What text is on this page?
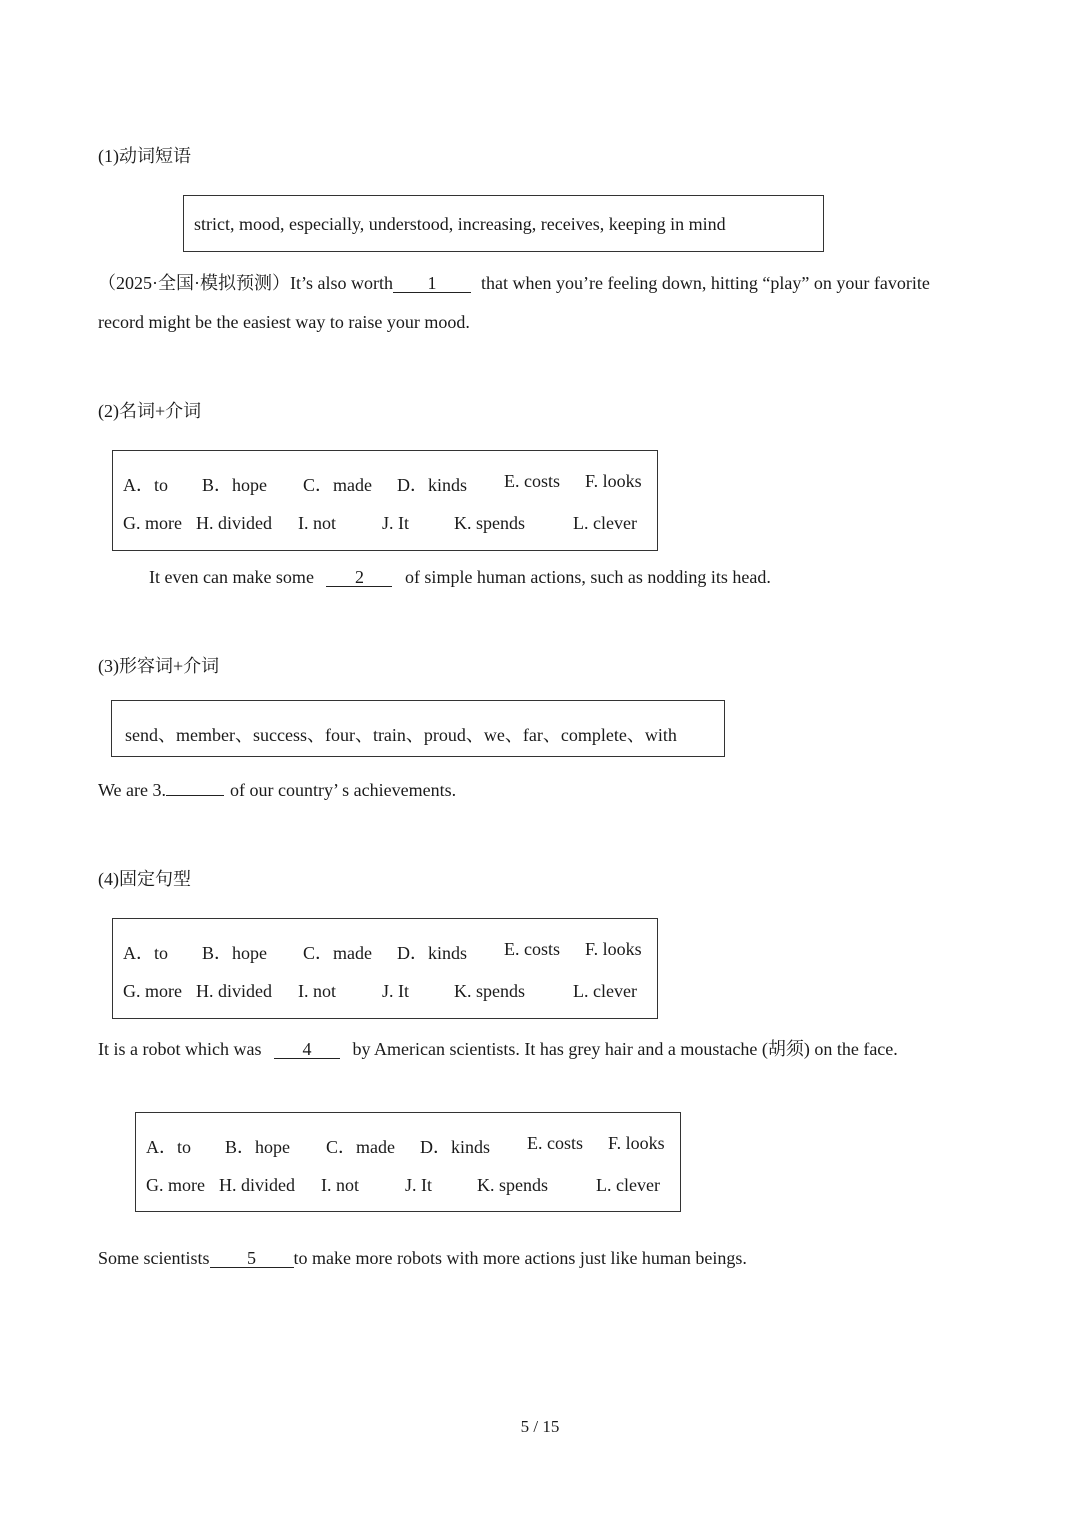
(1)动词短语
strict, mood, especially, understood, increasing, receives, keeping in mind
（2025·全国·模拟预测）It’s also worth 1 that when you’re feeling down, hitting “play” on your favorite
record might be the easiest way to raise your mood.
(2)名词+介词
A．to B．hope C．made D．kinds E. costs F. looks
G. more H. divided I. not	J. It	K. spends	L. clever
It even can make some 2 of simple human actions, such as nodding its head.
(3)形容词+介词
send、member、success、four、train、proud、we、far、complete、with
We are 3.	of our country’ s achievements.
(4)固定句型
A．to B．hope C．made D．kinds E. costs F. looks
G. more H. divided I. not	J. It	K. spends	L. clever
It is a robot which was 4 by American scientists. It has grey hair and a moustache (胡须) on the face.
A．to B．hope C．made D．kinds E. costs F. looks
G. more H. divided I. not	J. It	K. spends	L. clever
Some scientists 5 to make more robots with more actions just like human beings.
5 / 15
